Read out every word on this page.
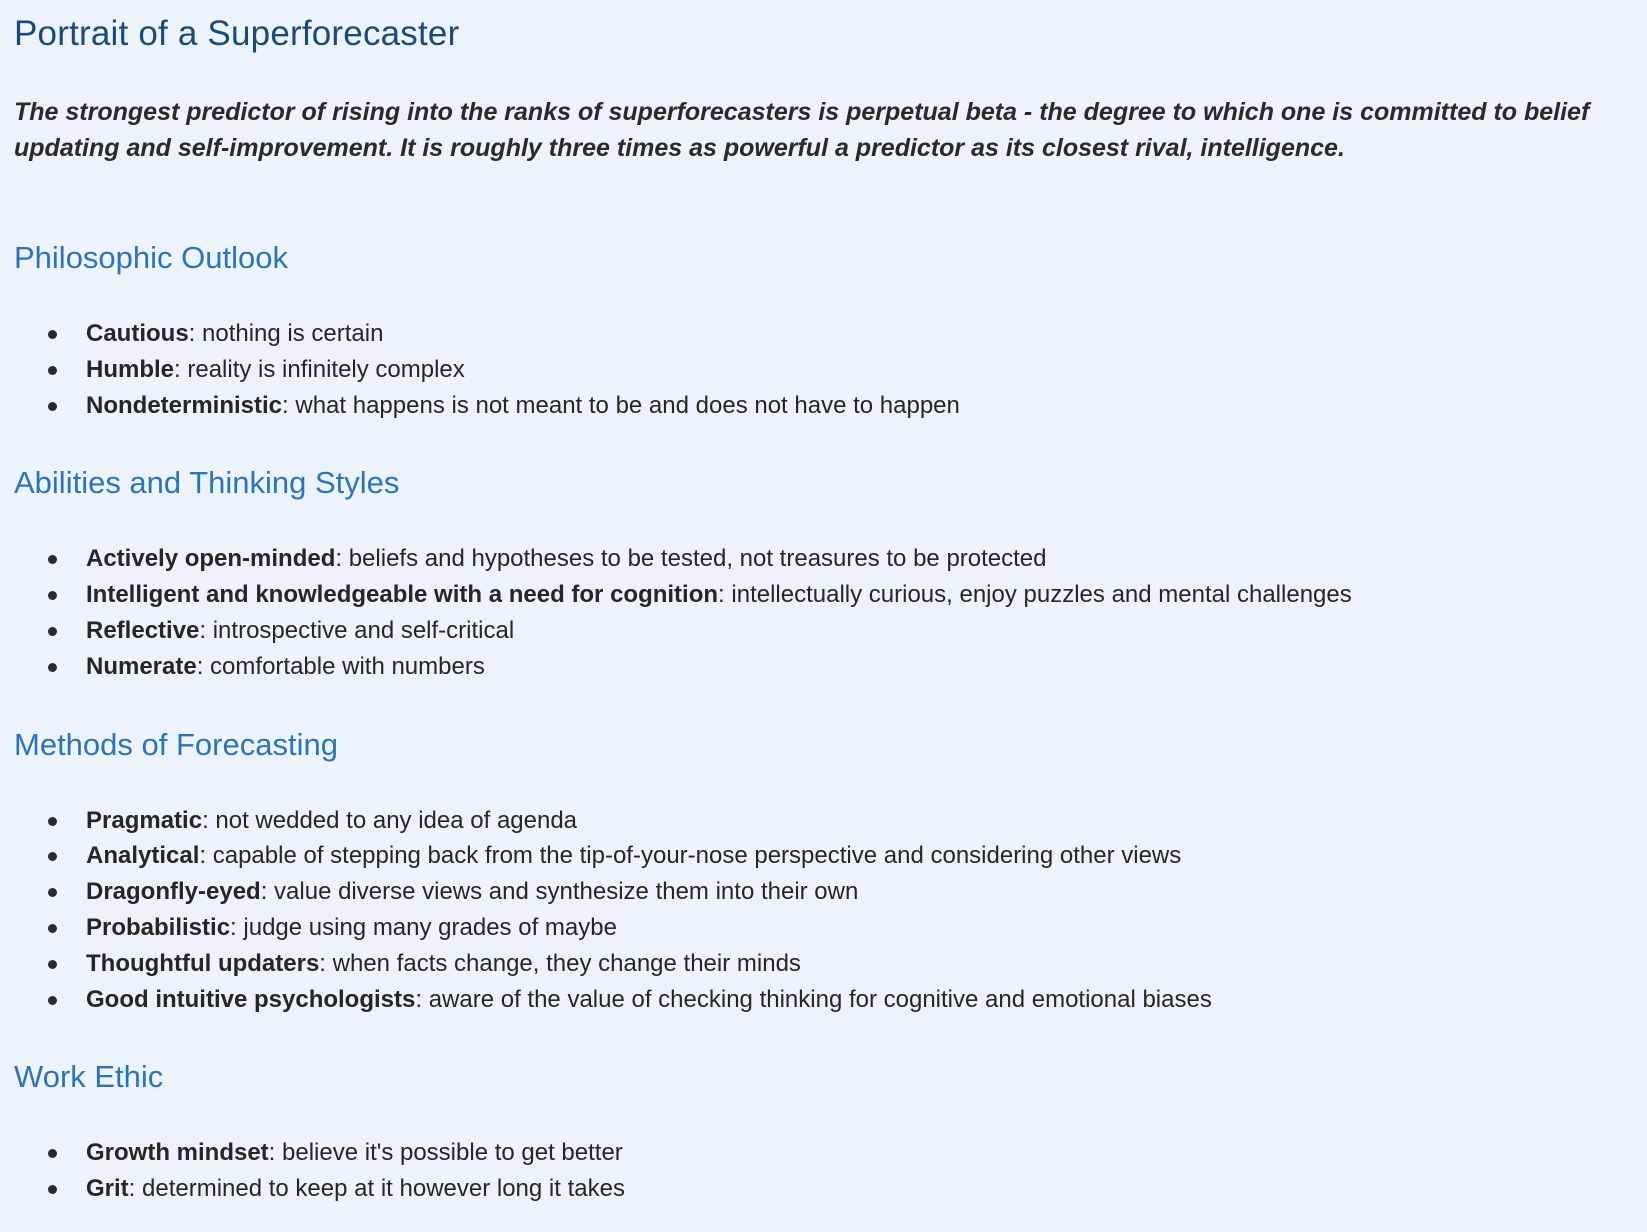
Portrait of a Superforecaster

The strongest predictor of rising into the ranks of superforecasters is perpetual beta - the degree to which one is committed to belief updating and self-improvement. It is roughly three times as powerful a predictor as its closest rival, intelligence.

Philosophic Outlook
Cautious: nothing is certain
Humble: reality is infinitely complex
Nondeterministic: what happens is not meant to be and does not have to happen
Abilities and Thinking Styles
Actively open-minded: beliefs and hypotheses to be tested, not treasures to be protected
Intelligent and knowledgeable with a need for cognition: intellectually curious, enjoy puzzles and mental challenges
Reflective: introspective and self-critical
Numerate: comfortable with numbers
Methods of Forecasting
Pragmatic: not wedded to any idea of agenda
Analytical: capable of stepping back from the tip-of-your-nose perspective and considering other views
Dragonfly-eyed: value diverse views and synthesize them into their own
Probabilistic: judge using many grades of maybe
Thoughtful updaters: when facts change, they change their minds
Good intuitive psychologists: aware of the value of checking thinking for cognitive and emotional biases
Work Ethic
Growth mindset: believe it's possible to get better
Grit: determined to keep at it however long it takes
